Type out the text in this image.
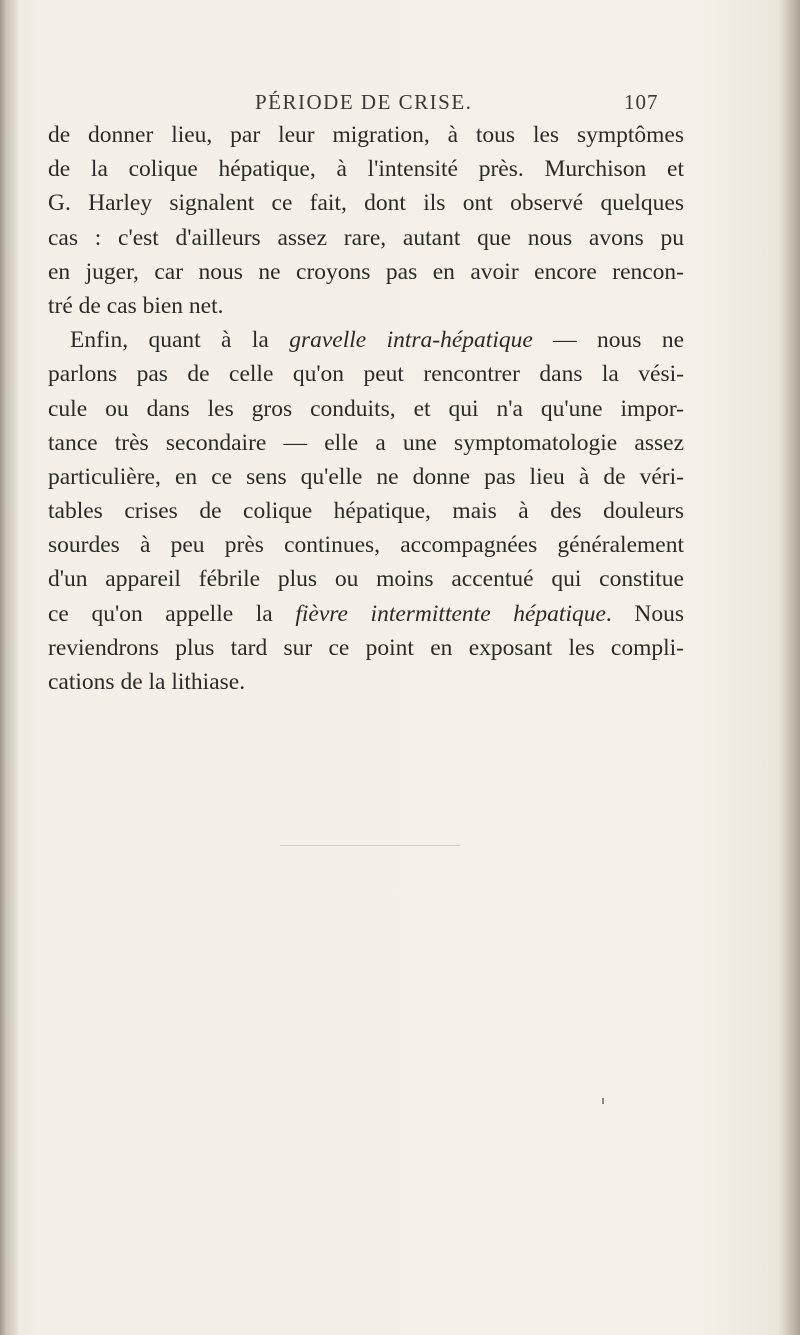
PÉRIODE DE CRISE.	107
de donner lieu, par leur migration, à tous les symptômes
de la colique hépatique, à l'intensité près. Murchison et
G. Harley signalent ce fait, dont ils ont observé quelques
cas : c'est d'ailleurs assez rare, autant que nous avons pu
en juger, car nous ne croyons pas en avoir encore rencon-
tré de cas bien net.
Enfin, quant à la gravelle intra-hépatique — nous ne
parlons pas de celle qu'on peut rencontrer dans la vési-
cule ou dans les gros conduits, et qui n'a qu'une impor-
tance très secondaire — elle a une symptomatologie assez
particulière, en ce sens qu'elle ne donne pas lieu à de véri-
tables crises de colique hépatique, mais à des douleurs
sourdes à peu près continues, accompagnées généralement
d'un appareil fébrile plus ou moins accentué qui constitue
ce qu'on appelle la fièvre intermittente hépatique. Nous
reviendrons plus tard sur ce point en exposant les compli-
cations de la lithiase.
